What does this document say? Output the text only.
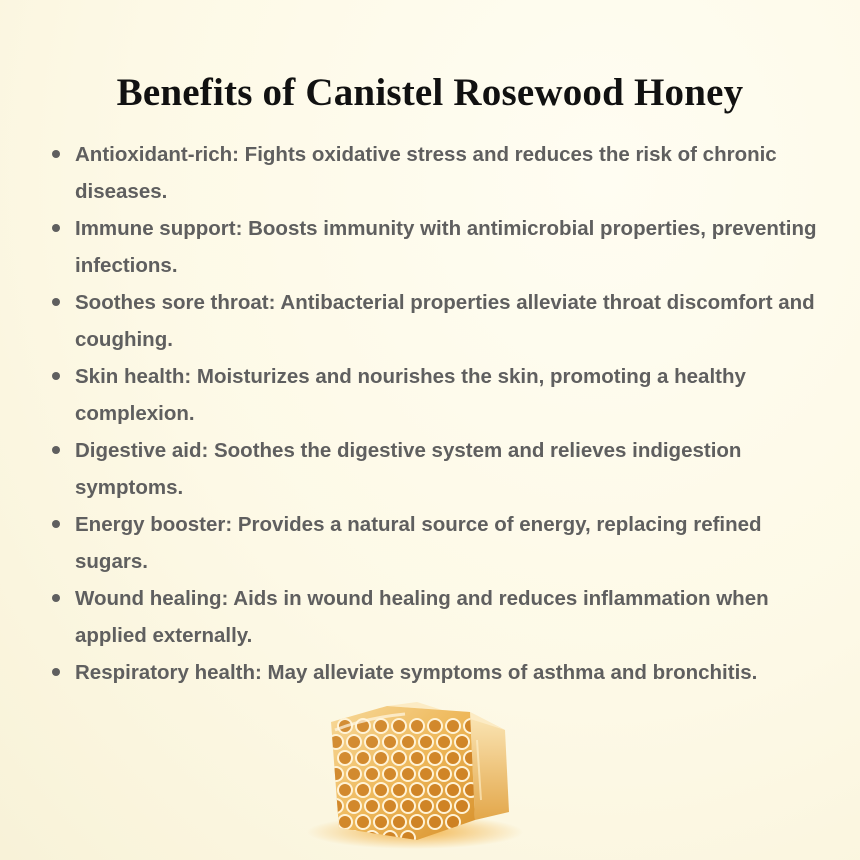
Benefits of Canistel Rosewood Honey
Antioxidant-rich: Fights oxidative stress and reduces the risk of chronic diseases.
Immune support: Boosts immunity with antimicrobial properties, preventing infections.
Soothes sore throat: Antibacterial properties alleviate throat discomfort and coughing.
Skin health: Moisturizes and nourishes the skin, promoting a healthy complexion.
Digestive aid: Soothes the digestive system and relieves indigestion symptoms.
Energy booster: Provides a natural source of energy, replacing refined sugars.
Wound healing: Aids in wound healing and reduces inflammation when applied externally.
Respiratory health: May alleviate symptoms of asthma and bronchitis.
